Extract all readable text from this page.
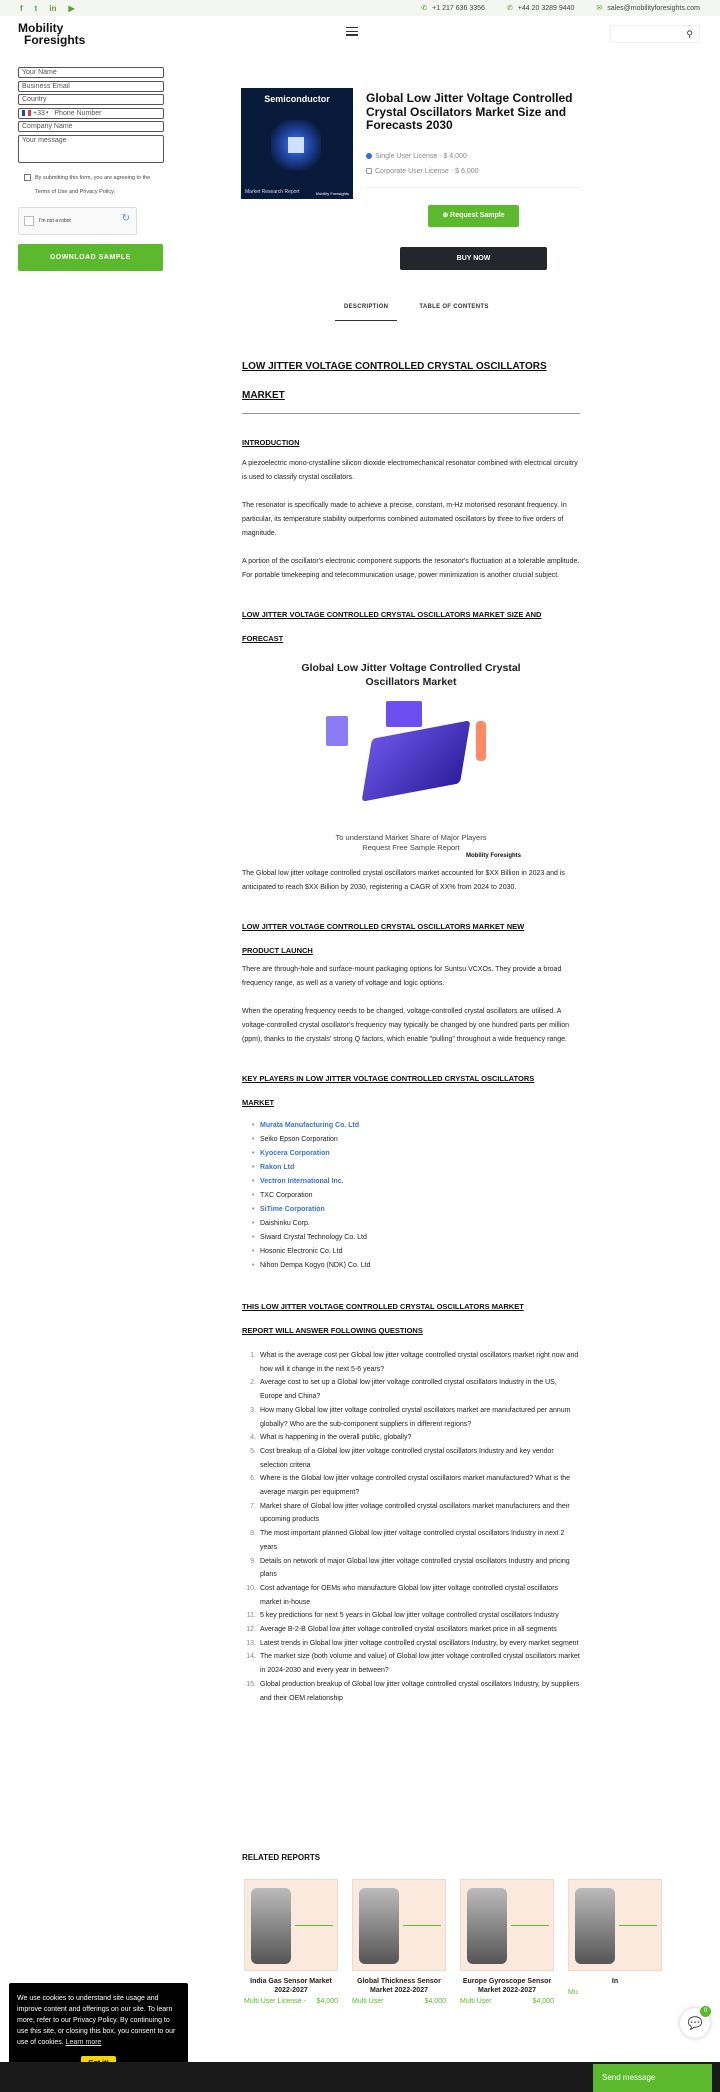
f t in ▶	✆ +1 217 636 3356	✆ +44 20 3289 9440	✉ sales@mobilityforesights.com
Mobility
Foresights	⚲
Your Name
Business Email
Country
+33 ▾ Phone Number
Company Name
Your message
By submitting this form, you are agreeing to the Terms of Use and Privacy Policy.
I'm not a robot	↻
DOWNLOAD SAMPLE
Semiconductor
Market Research Report	Mobility Foresights
Global Low Jitter Voltage Controlled Crystal Oscillators Market Size and Forecasts 2030
Single User License - $ 4,000
Corporate User License - $ 6,000
⊕ Request Sample
BUY NOW
DESCRIPTION	TABLE OF CONTENTS
LOW JITTER VOLTAGE CONTROLLED CRYSTAL OSCILLATORS
MARKET
INTRODUCTION

A piezoelectric mono-crystalline silicon dioxide electromechanical resonator combined with electrical circuitry is used to classify crystal oscillators.

The resonator is specifically made to achieve a precise, constant, m-Hz motorised resonant frequency. In particular, its temperature stability outperforms combined automated oscillators by three to five orders of magnitude.

A portion of the oscillator's electronic component supports the resonator's fluctuation at a tolerable amplitude. For portable timekeeping and telecommunication usage, power minimization is another crucial subject.

LOW JITTER VOLTAGE CONTROLLED CRYSTAL OSCILLATORS MARKET SIZE AND
FORECAST
Global Low Jitter Voltage Controlled Crystal Oscillators Market
To understand Market Share of Major Players Request Free Sample Report
Mobility Foresights

The Global low jitter voltage controlled crystal oscillators market accounted for $XX Billion in 2023 and is anticipated to reach $XX Billion by 2030, registering a CAGR of XX% from 2024 to 2030.

LOW JITTER VOLTAGE CONTROLLED CRYSTAL OSCILLATORS MARKET NEW
PRODUCT LAUNCH

There are through-hole and surface-mount packaging options for Suntsu VCXOs. They provide a broad frequency range, as well as a variety of voltage and logic options.

When the operating frequency needs to be changed, voltage-controlled crystal oscillators are utilised. A voltage-controlled crystal oscillator's frequency may typically be changed by one hundred parts per million (ppm), thanks to the crystals' strong Q factors, which enable "pulling" throughout a wide frequency range.

KEY PLAYERS IN LOW JITTER VOLTAGE CONTROLLED CRYSTAL OSCILLATORS
MARKET
• Murata Manufacturing Co. Ltd
• Seiko Epson Corporation
• Kyocera Corporation
• Rakon Ltd
• Vectron International Inc.
• TXC Corporation
• SiTime Corporation
• Daishinku Corp.
• Siward Crystal Technology Co. Ltd
• Hosonic Electronic Co. Ltd
• Nihon Dempa Kogyo (NDK) Co. Ltd
THIS LOW JITTER VOLTAGE CONTROLLED CRYSTAL OSCILLATORS MARKET
REPORT WILL ANSWER FOLLOWING QUESTIONS
1. What is the average cost per Global low jitter voltage controlled crystal oscillators market right now and how will it change in the next 5-6 years?
2. Average cost to set up a Global low jitter voltage controlled crystal oscillators Industry in the US, Europe and China?
3. How many Global low jitter voltage controlled crystal oscillators market are manufactured per annum globally? Who are the sub-component suppliers in different regions?
4. What is happening in the overall public, globally?
5. Cost breakup of a Global low jitter voltage controlled crystal oscillators Industry and key vendor selection criteria
6. Where is the Global low jitter voltage controlled crystal oscillators market manufactured? What is the average margin per equipment?
7. Market share of Global low jitter voltage controlled crystal oscillators market manufacturers and their upcoming products
8. The most important planned Global low jitter voltage controlled crystal oscillators Industry in next 2 years
9. Details on network of major Global low jitter voltage controlled crystal oscillators Industry and pricing plans
10. Cost advantage for OEMs who manufacture Global low jitter voltage controlled crystal oscillators market in-house
11. 5 key predictions for next 5 years in Global low jitter voltage controlled crystal oscillators Industry
12. Average B-2-B Global low jitter voltage controlled crystal oscillators market price in all segments
13. Latest trends in Global low jitter voltage controlled crystal oscillators Industry, by every market segment
14. The market size (both volume and value) of Global low jitter voltage controlled crystal oscillators market in 2024-2030 and every year in between?
15. Global production breakup of Global low jitter voltage controlled crystal oscillators Industry, by suppliers and their OEM relationship
RELATED REPORTS
India Gas Sensor Market 2022-2027
Multi User License - $4,000
Global Thickness Sensor Market 2022-2027
Multi User	$4,000
Europe Gyroscope Sensor Market 2022-2027
Multi User	$4,000
In
Mu
We use cookies to understand site usage and improve content and offerings on our site. To learn more, refer to our Privacy Policy. By continuing to use this site, or closing this box, you consent to our use of cookies. Learn more
💬
0
Send message
